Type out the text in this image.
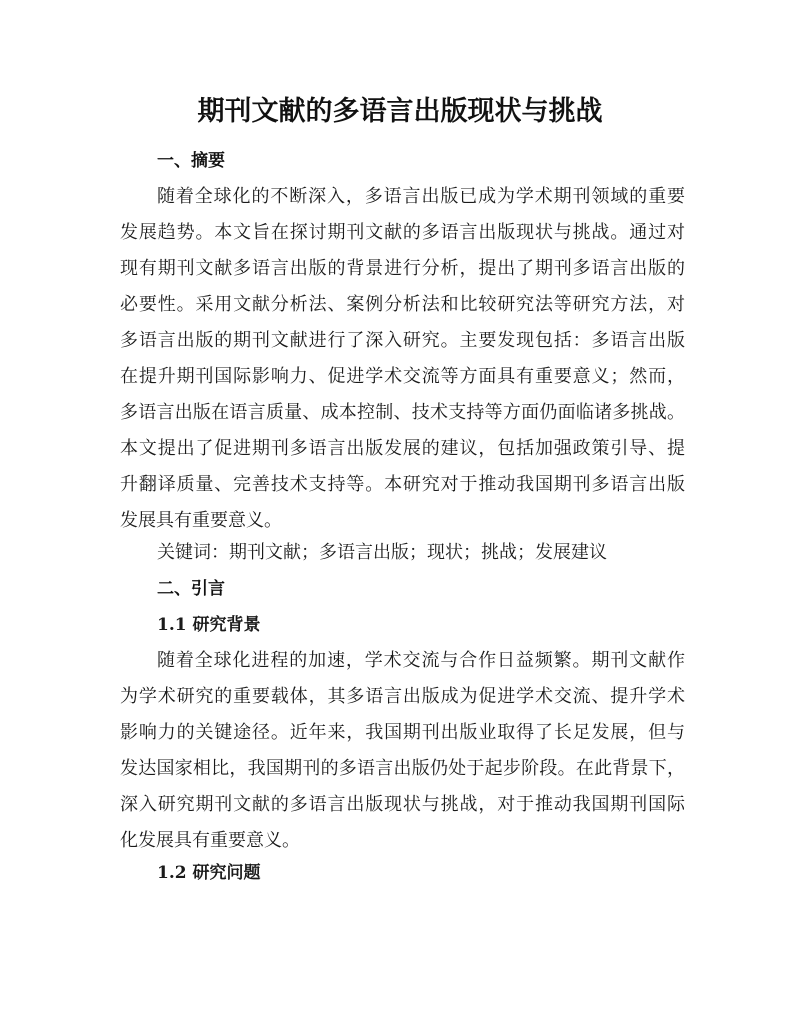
期刊文献的多语言出版现状与挑战
一、摘要
随着全球化的不断深入，多语言出版已成为学术期刊领域的重要
发展趋势。本文旨在探讨期刊文献的多语言出版现状与挑战。通过对
现有期刊文献多语言出版的背景进行分析，提出了期刊多语言出版的
必要性。采用文献分析法、案例分析法和比较研究法等研究方法，对
多语言出版的期刊文献进行了深入研究。主要发现包括：多语言出版
在提升期刊国际影响力、促进学术交流等方面具有重要意义；然而，
多语言出版在语言质量、成本控制、技术支持等方面仍面临诸多挑战。
本文提出了促进期刊多语言出版发展的建议，包括加强政策引导、提
升翻译质量、完善技术支持等。本研究对于推动我国期刊多语言出版
发展具有重要意义。

关键词：期刊文献；多语言出版；现状；挑战；发展建议

二、引言
1.1 研究背景
随着全球化进程的加速，学术交流与合作日益频繁。期刊文献作
为学术研究的重要载体，其多语言出版成为促进学术交流、提升学术
影响力的关键途径。近年来，我国期刊出版业取得了长足发展，但与
发达国家相比，我国期刊的多语言出版仍处于起步阶段。在此背景下，
深入研究期刊文献的多语言出版现状与挑战，对于推动我国期刊国际
化发展具有重要意义。
1.2 研究问题
